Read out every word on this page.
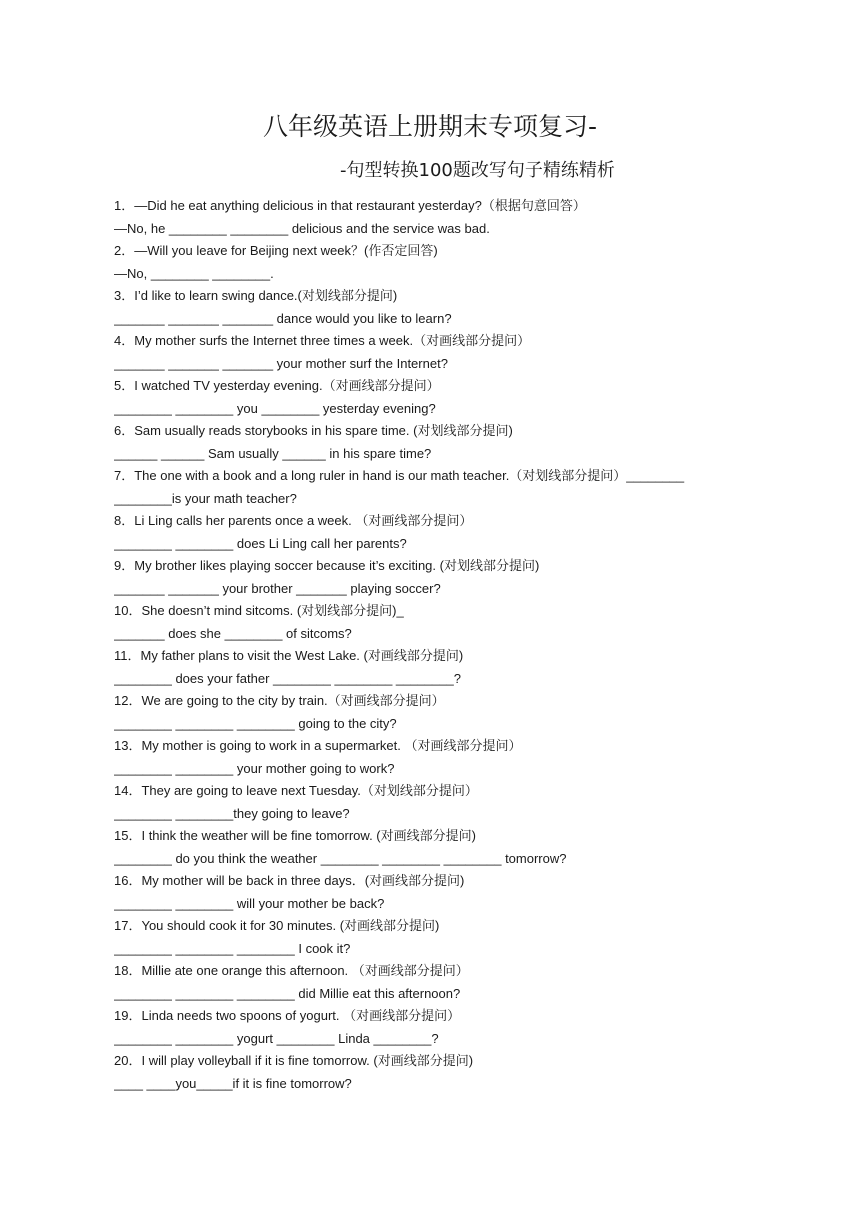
八年级英语上册期末专项复习-
-句型转换100题改写句子精练精析
1．—Did he eat anything delicious in that restaurant yesterday?（根据句意回答）
—No, he ________ ________ delicious and the service was bad.
2．—Will you leave for Beijing next week？(作否定回答)
—No, ________ ________.
3．I’d like to learn swing dance.(对划线部分提问)
_______ _______ _______ dance would you like to learn?
4．My mother surfs the Internet three times a week.（对画线部分提问）
_______ _______ _______ your mother surf the Internet?
5．I watched TV yesterday evening.（对画线部分提问）
________ ________ you ________ yesterday evening?
6．Sam usually reads storybooks in his spare time. (对划线部分提问)
______ ______ Sam usually ______ in his spare time?
7．The one with a book and a long ruler in hand is our math teacher.（对划线部分提问）________
________is your math teacher?
8．Li Ling calls her parents once a week. （对画线部分提问）
________ ________ does Li Ling call her parents?
9．My brother likes playing soccer because it’s exciting. (对划线部分提问)
_______ _______ your brother _______ playing soccer?
10．She doesn’t mind sitcoms. (对划线部分提问)_
_______ does she ________ of sitcoms?
11．My father plans to visit the West Lake. (对画线部分提问)
________ does your father ________ ________ ________?
12．We are going to the city by train.（对画线部分提问）
________ ________ ________ going to the city?
13．My mother is going to work in a supermarket. （对画线部分提问）
________ ________ your mother going to work?
14．They are going to leave next Tuesday.（对划线部分提问）
________ ________they going to leave?
15．I think the weather will be fine tomorrow. (对画线部分提问)
________ do you think the weather ________ ________ ________ tomorrow?
16．My mother will be back in three days．(对画线部分提问)
________ ________ will your mother be back?
17．You should cook it for 30 minutes. (对画线部分提问)
________ ________ ________ I cook it?
18．Millie ate one orange this afternoon. （对画线部分提问）
________ ________ ________ did Millie eat this afternoon?
19．Linda needs two spoons of yogurt. （对画线部分提问）
________ ________ yogurt ________ Linda ________?
20．I will play volleyball if it is fine tomorrow. (对画线部分提问)
____ ____you_____if it is fine tomorrow?
